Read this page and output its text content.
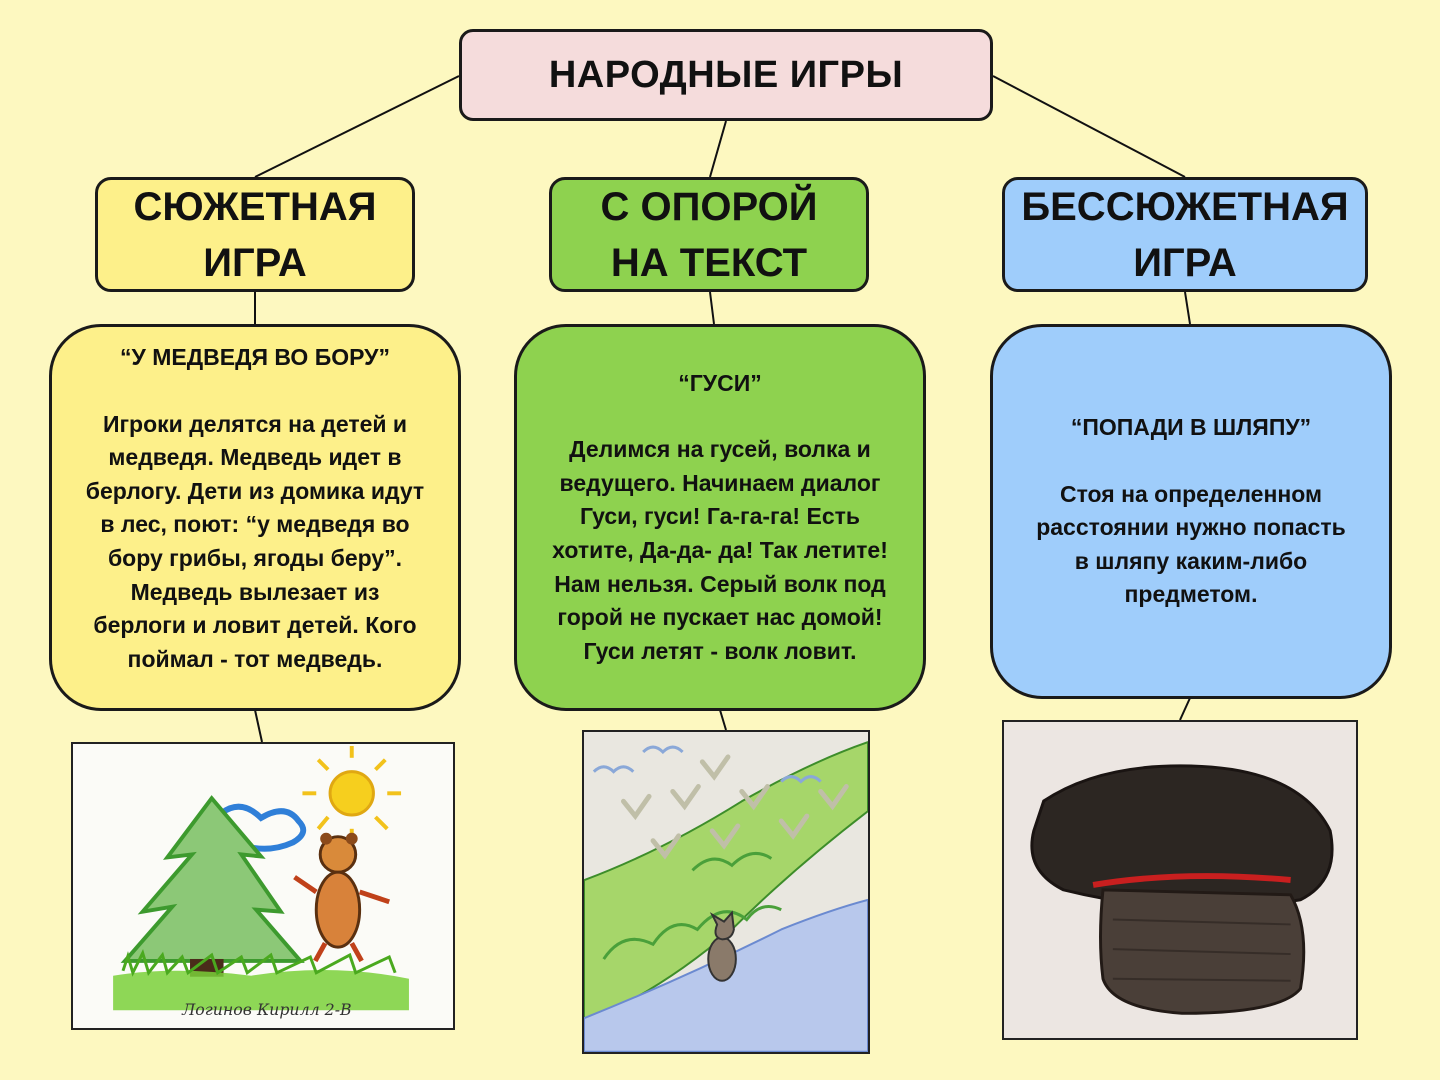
НАРОДНЫЕ ИГРЫ
СЮЖЕТНАЯ
ИГРА
С ОПОРОЙ
НА ТЕКСТ
БЕССЮЖЕТНАЯ
ИГРА
“У МЕДВЕДЯ ВО БОРУ”
Игроки делятся на детей и медведя. Медведь идет в берлогу. Дети из домика идут в лес, поют: “у медведя во бору грибы, ягоды беру”. Медведь вылезает из берлоги и ловит детей. Кого поймал - тот медведь.
“ГУСИ”
Делимся на гусей, волка и ведущего. Начинаем диалог Гуси, гуси! Га-га-га! Есть хотите, Да-да- да! Так летите! Нам нельзя. Серый волк под горой не пускает нас домой! Гуси летят - волк ловит.
“ПОПАДИ В ШЛЯПУ”
Стоя на определенном расстоянии нужно попасть в шляпу каким-либо предметом.
Логинов Кирилл 2-В
